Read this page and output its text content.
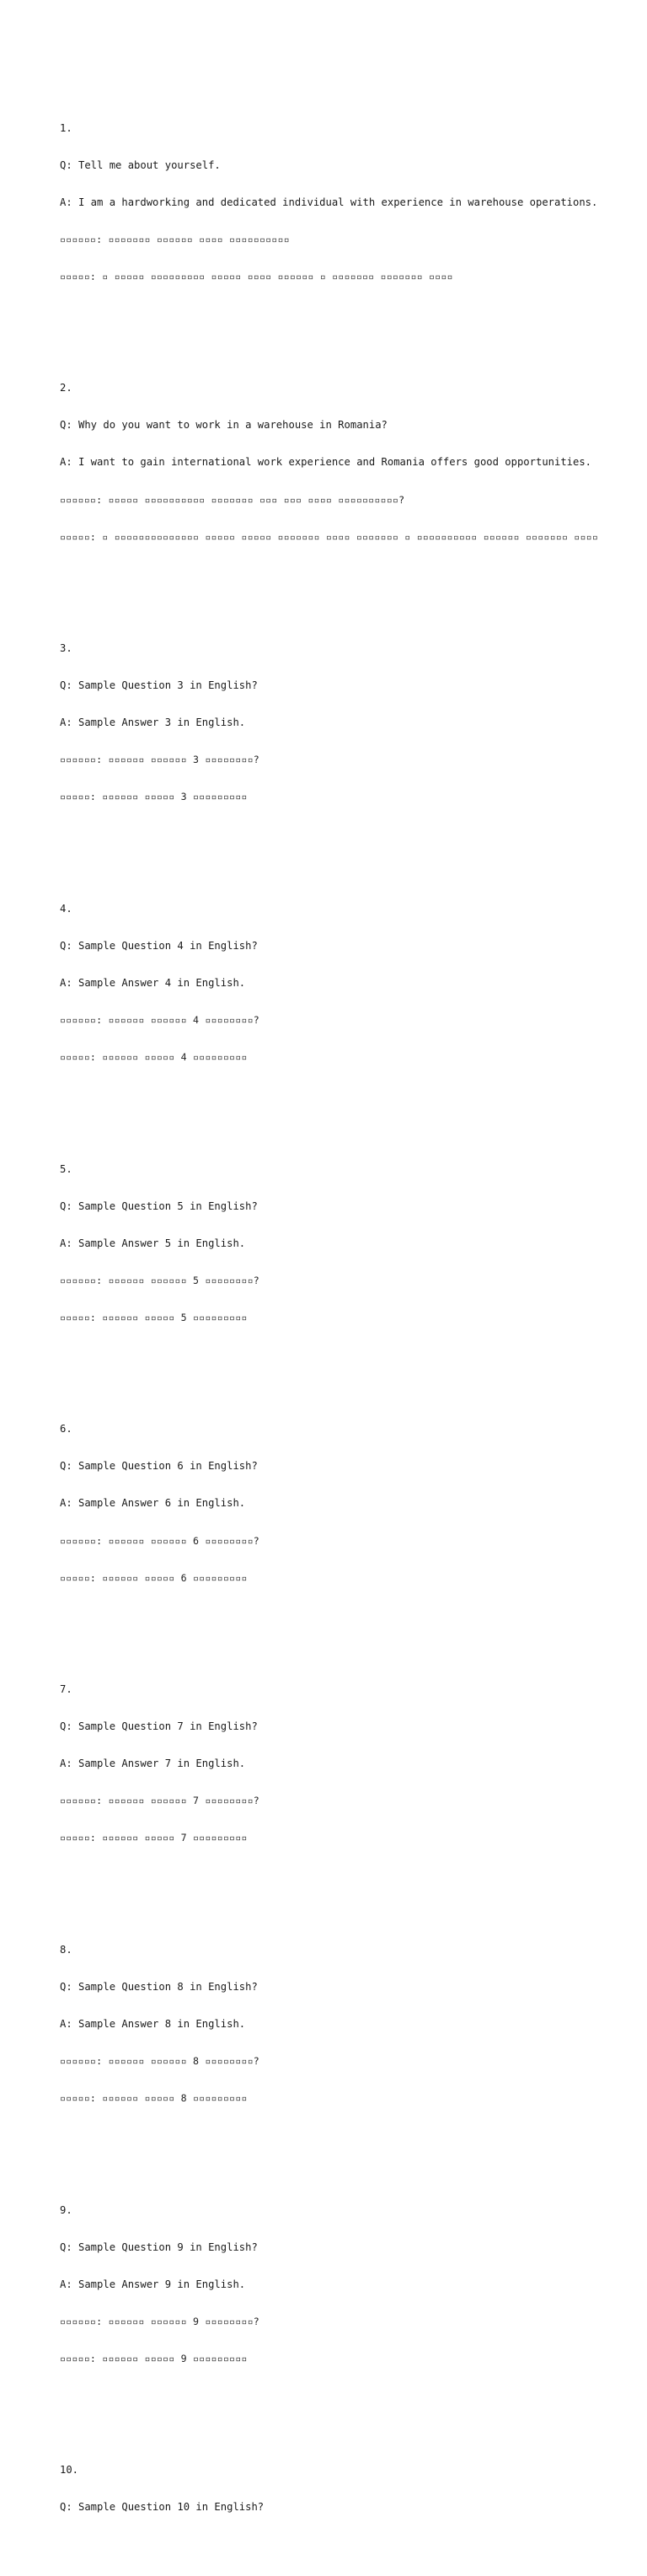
1.

Q: Tell me about yourself.

A: I am a hardworking and dedicated individual with experience in warehouse operations.

▫▫▫▫▫▫: ▫▫▫▫▫▫▫ ▫▫▫▫▫▫ ▫▫▫▫ ▫▫▫▫▫▫▫▫▫▫

▫▫▫▫▫: ▫ ▫▫▫▫▫ ▫▫▫▫▫▫▫▫▫ ▫▫▫▫▫ ▫▫▫▫ ▫▫▫▫▫▫ ▫ ▫▫▫▫▫▫▫ ▫▫▫▫▫▫▫ ▫▫▫▫

2.

Q: Why do you want to work in a warehouse in Romania?

A: I want to gain international work experience and Romania offers good opportunities.

▫▫▫▫▫▫: ▫▫▫▫▫ ▫▫▫▫▫▫▫▫▫▫ ▫▫▫▫▫▫▫ ▫▫▫ ▫▫▫ ▫▫▫▫ ▫▫▫▫▫▫▫▫▫▫?

▫▫▫▫▫: ▫ ▫▫▫▫▫▫▫▫▫▫▫▫▫▫ ▫▫▫▫▫ ▫▫▫▫▫ ▫▫▫▫▫▫▫ ▫▫▫▫ ▫▫▫▫▫▫▫ ▫ ▫▫▫▫▫▫▫▫▫▫ ▫▫▫▫▫▫ ▫▫▫▫▫▫▫ ▫▫▫▫

3.

Q: Sample Question 3 in English?

A: Sample Answer 3 in English.

▫▫▫▫▫▫: ▫▫▫▫▫▫ ▫▫▫▫▫▫ 3 ▫▫▫▫▫▫▫▫?

▫▫▫▫▫: ▫▫▫▫▫▫ ▫▫▫▫▫ 3 ▫▫▫▫▫▫▫▫▫

4.

Q: Sample Question 4 in English?

A: Sample Answer 4 in English.

▫▫▫▫▫▫: ▫▫▫▫▫▫ ▫▫▫▫▫▫ 4 ▫▫▫▫▫▫▫▫?

▫▫▫▫▫: ▫▫▫▫▫▫ ▫▫▫▫▫ 4 ▫▫▫▫▫▫▫▫▫

5.

Q: Sample Question 5 in English?

A: Sample Answer 5 in English.

▫▫▫▫▫▫: ▫▫▫▫▫▫ ▫▫▫▫▫▫ 5 ▫▫▫▫▫▫▫▫?

▫▫▫▫▫: ▫▫▫▫▫▫ ▫▫▫▫▫ 5 ▫▫▫▫▫▫▫▫▫

6.

Q: Sample Question 6 in English?

A: Sample Answer 6 in English.

▫▫▫▫▫▫: ▫▫▫▫▫▫ ▫▫▫▫▫▫ 6 ▫▫▫▫▫▫▫▫?

▫▫▫▫▫: ▫▫▫▫▫▫ ▫▫▫▫▫ 6 ▫▫▫▫▫▫▫▫▫

7.

Q: Sample Question 7 in English?

A: Sample Answer 7 in English.

▫▫▫▫▫▫: ▫▫▫▫▫▫ ▫▫▫▫▫▫ 7 ▫▫▫▫▫▫▫▫?

▫▫▫▫▫: ▫▫▫▫▫▫ ▫▫▫▫▫ 7 ▫▫▫▫▫▫▫▫▫

8.

Q: Sample Question 8 in English?

A: Sample Answer 8 in English.

▫▫▫▫▫▫: ▫▫▫▫▫▫ ▫▫▫▫▫▫ 8 ▫▫▫▫▫▫▫▫?

▫▫▫▫▫: ▫▫▫▫▫▫ ▫▫▫▫▫ 8 ▫▫▫▫▫▫▫▫▫

9.

Q: Sample Question 9 in English?

A: Sample Answer 9 in English.

▫▫▫▫▫▫: ▫▫▫▫▫▫ ▫▫▫▫▫▫ 9 ▫▫▫▫▫▫▫▫?

▫▫▫▫▫: ▫▫▫▫▫▫ ▫▫▫▫▫ 9 ▫▫▫▫▫▫▫▫▫

10.

Q: Sample Question 10 in English?
